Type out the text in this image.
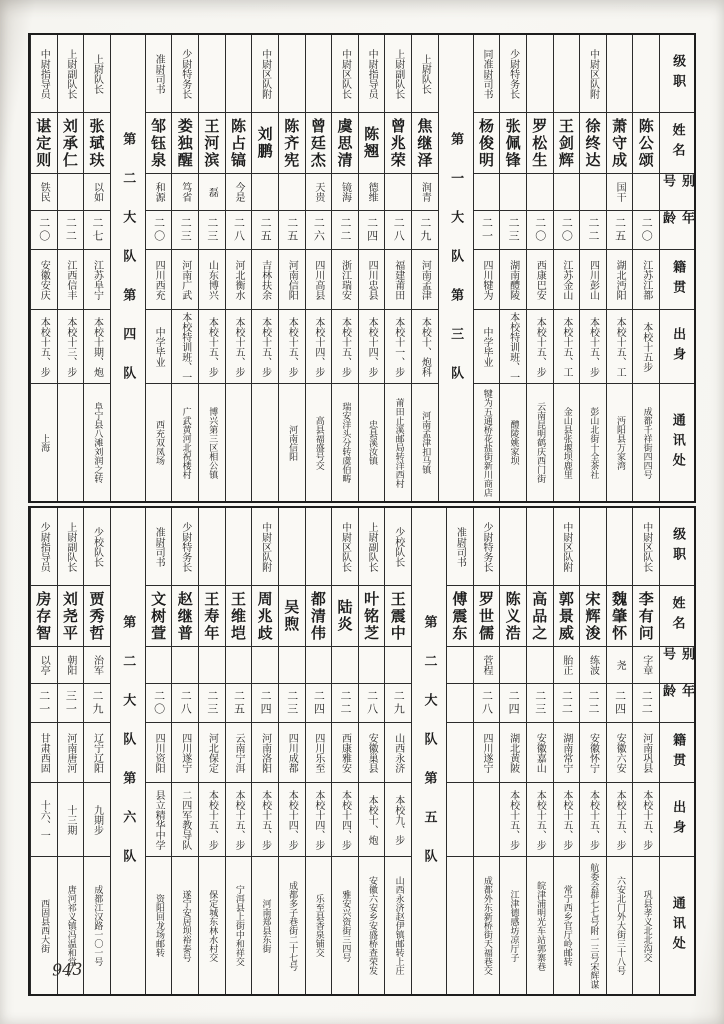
级职
姓名
别号
年龄
籍贯
出身
通讯处
陈公颂
二〇
江苏江都
本校十五步
成都千祥街四四号
萧守成
国干
二五
湖北沔阳
本校十五、工
沔阳县万家湾
中尉区队附
徐终达
二二
四川彭山
本校十五、步
彭山北街十全茶社
王剑辉
二〇
江苏金山
本校十五、工
金山县张堰坝鹿里
罗松生
二〇
西康巴安
本校十五、步
云南昆明鹤庆西门街
少尉特务长
张佩锋
二三
湖南醴陵
本校特训班、一
醴陵姚家坝
同准尉司书
杨俊明
二一
四川犍为
中学毕业
犍为五通桥花盐街新川商店
第一大队第三队
上尉队长
焦继泽
润青
二九
河南孟津
本校十、炮科
河南孟津扣马镇
上尉副队长
曾兆荣
二八
福建莆田
本校十一、步
莆田止溪邮局转洋西村
中尉指导员
陈翘
德维
二四
四川忠县
本校十四、步
忠县溪汝镇
中尉区队长
虞思清
镜海
二二
浙江瑞安
本校十五、步
瑞安洋头分转虞伯畴
曾廷杰
天贵
二六
四川高县
本校十四、步
高县福盛号交
陈齐宪
二五
河南信阳
本校十五、步
河南信阳
中尉区队附
刘鹏
二五
吉林扶余
本校十五、步
陈占镐
今是
二八
河北衡水
本校十五、步
王河滨
磊
二三
山东博兴
本校十五、步
博兴第三区相公镇
少尉特务长
娄独醒
笃省
二三
河南广武
本校特训班、一
广武黄河北祝楼村
准尉司书
邹钰泉
和源
二〇
四川西充
中学毕业
西充双凤场
第二大队第四队
上尉队长
张珷玞
以如
二七
江苏阜宁
本校十期、炮
阜宁县八滩刘润之转
上尉副队长
刘承仁
二二
江西信丰
本校十三、步
中尉指导员
谌定则
铁民
二〇
安徽安庆
本校十五、步
上海
级职
姓名
别号
年龄
籍贯
出身
通讯处
中尉区队长
李有问
字章
二二
河南巩县
本校十五、步
巩县孝义北北沟交
魏肇怀
尧
二四
安徽六安
本校十五、步
六安北门外大街三十八号
宋辉浚
练波
二二
安徽怀宁
本校十五、步
航委会群七七号附一三号宋辉谋
中尉区队附
郭景威
胎正
二二
湖南常宁
本校十五、步
常宁西乡官厅岭邮转
高品之
二三
安徽嘉山
本校十五、步
皖津浦明光车站郭寨巷
陈义浩
二四
湖北黄陂
本校十五、步
江津德感坊凉厅子
少尉特务长
罗世儒
菅程
二八
四川遂宁
成都外东新桥街天福巷交
准尉司书
傅震东
第二大队第五队
少校队长
王震中
二九
山西永济
本校九、步
山西永济赵伊镇邮转上庄
上尉副队长
叶铭芝
二八
安徽巢县
本校十、炮
安徽六安乡安盛桥查荣发
中尉区队长
陆炎
二二
西康雅安
本校十四、步
雅安兴资街三四号
都清伟
二四
四川乐至
本校十四、步
乐至县香泉铺交
吴煦
二三
四川成都
本校十四、步
成都多子巷街二十七号
中尉区队附
周兆歧
二四
河南洛阳
本校十五、步
河南郑县东街
王维垲
二五
云南宁洱
本校十五、步
宁洱县上街中和祥交
王寿年
二三
河北保定
本校十五、步
保定城东林水村交
少尉特务长
赵继普
二八
四川遂宁
二四军教导队
遂宁安居坝裕泰号
准尉司书
文树萱
二〇
四川资阳
县立精华中学
资阳回龙场邮转
第二大队第六队
少校队长
贾秀哲
治军
二九
辽宁辽阳
九期步
成都江汉路一〇一号
上尉副队长
刘尧平
朝阳
三一
河南唐河
十三期
唐河祁义镇冯温和堂
少尉指导员
房存智
以亭
二一
甘肃西固
十六、一
西固县西大街
943
